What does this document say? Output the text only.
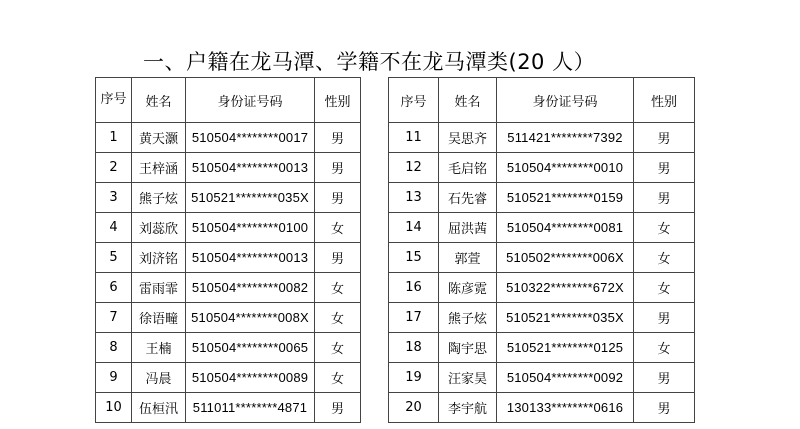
一、户籍在龙马潭、学籍不在龙马潭类(20 人）
序号	姓名	身份证号码	性别
1	黄天灏	510504********0017	男
2	王梓涵	510504********0013	男
3	熊子炫	510521********035X	男
4	刘蕊欣	510504********0100	女
5	刘济铭	510504********0013	男
6	雷雨霏	510504********0082	女
7	徐语疃	510504********008X	女
8	王楠	510504********0065	女
9	冯晨	510504********0089	女
10	伍桓汛	511011********4871	男
序号	姓名	身份证号码	性别
11	吴思齐	511421********7392	男
12	毛启铭	510504********0010	男
13	石先睿	510521********0159	男
14	屈洪茜	510504********0081	女
15	郭萱	510502********006X	女
16	陈彦霓	510322********672X	女
17	熊子炫	510521********035X	男
18	陶宇思	510521********0125	女
19	汪家昊	510504********0092	男
20	李宇航	130133********0616	男
